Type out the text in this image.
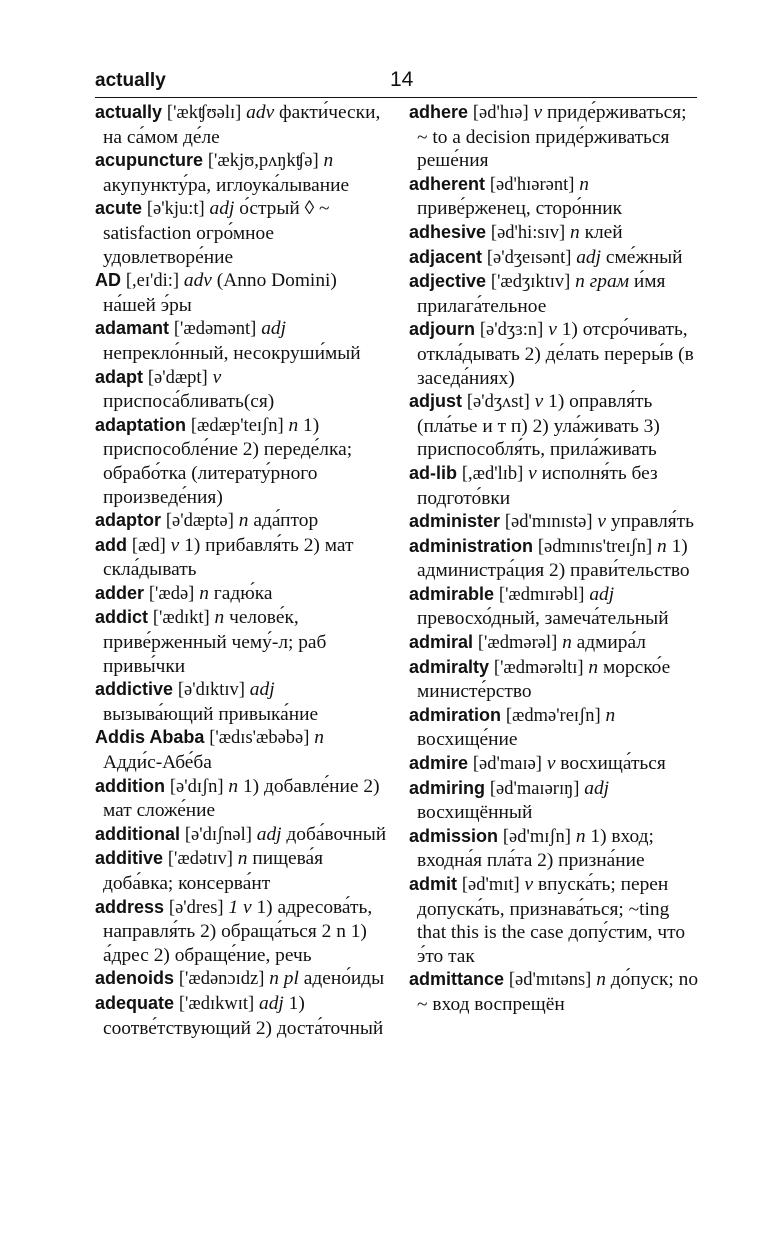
actually	14

actually ['ækʧʊəlɪ] adv факти́чески, на са́мом де́ле

acupuncture ['ækjʊ,pʌŋkʧə] n акупункту́ра, иглоука́лывание

acute [ə'kju:t] adj о́стрый ◊ ~ satisfaction огро́мное удовлетворе́ние

AD [,eɪ'di:] adv (Anno Domini) на́шей э́ры

adamant ['ædəmənt] adj непрекло́нный, несокруши́мый

adapt [ə'dæpt] v приспоса́бливать(ся)

adaptation [ædæp'teɪʃn] n 1) приспособле́ние 2) переде́лка; обрабо́тка (литерату́рного произведе́ния)

adaptor [ə'dæptə] n ада́птор

add [æd] v 1) прибавля́ть 2) мат скла́дывать

adder ['ædə] n гадю́ка

addict ['ædɪkt] n челове́к, приве́рженный чему́-л; раб привы́чки

addictive [ə'dɪktɪv] adj вызыва́ющий привыка́ние

Addis Ababa ['ædɪs'æbəbə] n Адди́с-Абе́ба

addition [ə'dɪʃn] n 1) добавле́ние 2) мат сложе́ние

additional [ə'dɪʃnəl] adj доба́вочный

additive ['ædətɪv] n пищева́я доба́вка; консерва́нт

address [ə'dres] 1 v 1) адресова́ть, направля́ть 2) обраща́ться 2 n 1) а́дрес 2) обраще́ние, речь

adenoids ['ædənɔɪdz] n pl адено́иды

adequate ['ædɪkwɪt] adj 1) соотве́тствующий 2) доста́точный

adhere [əd'hɪə] v приде́рживаться; ~ to a decision приде́рживаться реше́ния

adherent [əd'hɪərənt] n приве́рженец, сторо́нник

adhesive [əd'hi:sɪv] n клей

adjacent [ə'dʒeɪsənt] adj сме́жный

adjective ['ædʒɪktɪv] n грам и́мя прилага́тельное

adjourn [ə'dʒɜ:n] v 1) отсро́чивать, откла́дывать 2) де́лать переры́в (в заседа́ниях)

adjust [ə'dʒʌst] v 1) оправля́ть (пла́тье и т п) 2) ула́живать 3) приспособля́ть, прила́живать

ad-lib [,æd'lɪb] v исполня́ть без подгото́вки

administer [əd'mɪnɪstə] v управля́ть

administration [ədmɪnɪs'treɪʃn] n 1) администра́ция 2) прави́тельство

admirable ['ædmɪrəbl] adj превосхо́дный, замеча́тельный

admiral ['ædmərəl] n адмира́л

admiralty ['ædmərəltɪ] n морско́е министе́рство

admiration [ædmə'reɪʃn] n восхище́ние

admire [əd'maɪə] v восхища́ться

admiring [əd'maɪərɪŋ] adj восхищённый

admission [əd'mɪʃn] n 1) вход; входна́я пла́та 2) призна́ние

admit [əd'mɪt] v впуска́ть; перен допуска́ть, признава́ться; ~ting that this is the case допу́стим, что э́то так

admittance [əd'mɪtəns] n до́пуск; no ~ вход воспрещён
